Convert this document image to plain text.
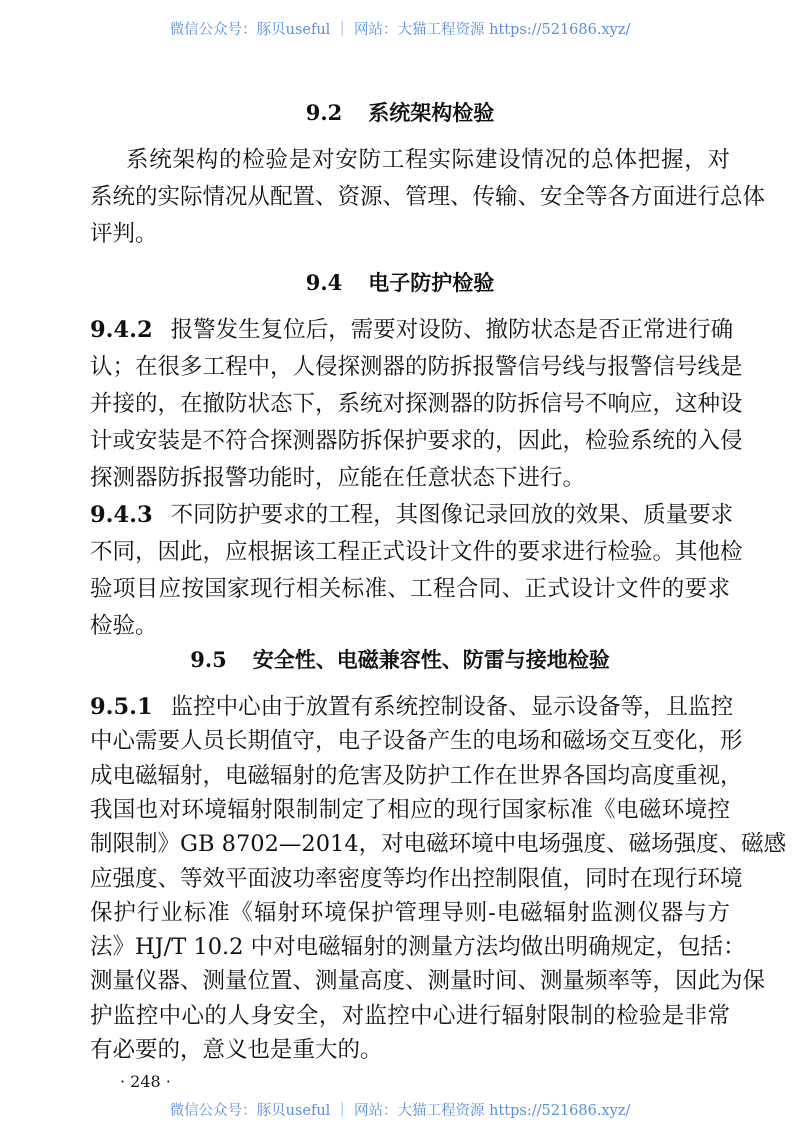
微信公众号：豚贝useful ｜ 网站：大猫工程资源 https://521686.xyz/
9.2 系统架构检验
系统架构的检验是对安防工程实际建设情况的总体把握，对
系统的实际情况从配置、资源、管理、传输、安全等各方面进行总体
评判。
9.4 电子防护检验
9.4.2 报警发生复位后，需要对设防、撤防状态是否正常进行确
认；在很多工程中，人侵探测器的防拆报警信号线与报警信号线是
并接的，在撤防状态下，系统对探测器的防拆信号不响应，这种设
计或安装是不符合探测器防拆保护要求的，因此，检验系统的入侵
探测器防拆报警功能时，应能在任意状态下进行。
9.4.3 不同防护要求的工程，其图像记录回放的效果、质量要求
不同，因此，应根据该工程正式设计文件的要求进行检验。其他检
验项目应按国家现行相关标准、工程合同、正式设计文件的要求
检验。
9.5 安全性、电磁兼容性、防雷与接地检验
9.5.1 监控中心由于放置有系统控制设备、显示设备等，且监控
中心需要人员长期值守，电子设备产生的电场和磁场交互变化，形
成电磁辐射，电磁辐射的危害及防护工作在世界各国均高度重视，
我国也对环境辐射限制制定了相应的现行国家标准《电磁环境控
制限制》GB 8702—2014，对电磁环境中电场强度、磁场强度、磁感
应强度、等效平面波功率密度等均作出控制限值，同时在现行环境
保护行业标准《辐射环境保护管理导则-电磁辐射监测仪器与方
法》HJ/T 10.2 中对电磁辐射的测量方法均做出明确规定，包括：
测量仪器、测量位置、测量高度、测量时间、测量频率等，因此为保
护监控中心的人身安全，对监控中心进行辐射限制的检验是非常
有必要的，意义也是重大的。
· 248 ·
微信公众号：豚贝useful ｜ 网站：大猫工程资源 https://521686.xyz/
